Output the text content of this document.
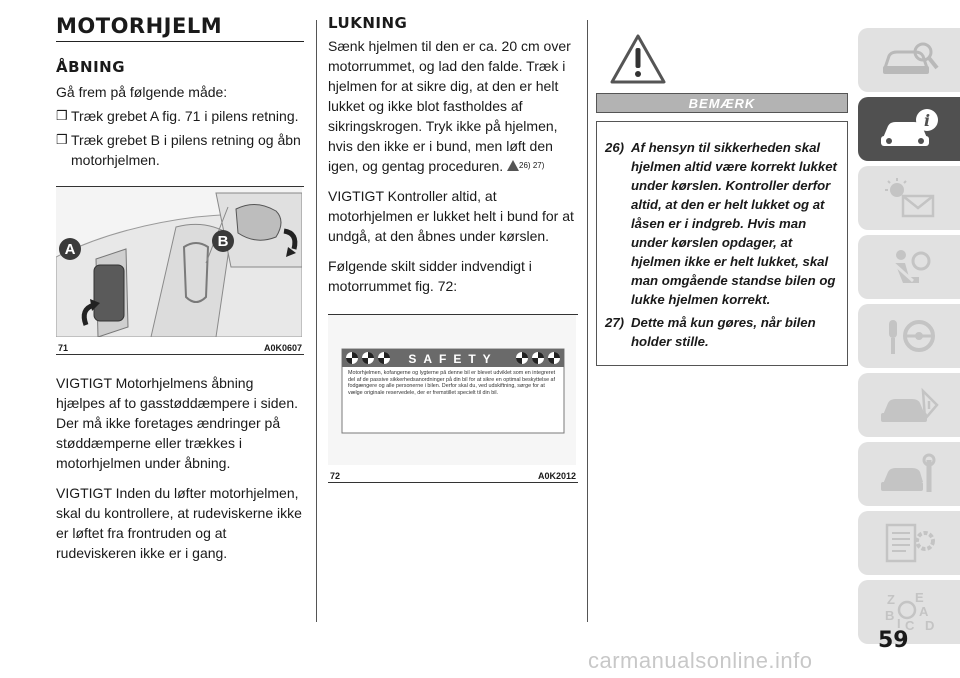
MOTORHJELM
ÅBNING

Gå frem på følgende måde:

❒ Træk grebet A fig. 71 i pilens retning.
❒ Træk grebet B i pilens retning og åbn motorhjelmen.
A	B
71	A0K0607

VIGTIGT Motorhjelmens åbning hjælpes af to gasstøddæmpere i siden. Der må ikke foretages ændringer på støddæmperne eller trækkes i motorhjelmen under åbning.

VIGTIGT Inden du løfter motorhjelmen, skal du kontrollere, at rudeviskerne ikke er løftet fra frontruden og at rudeviskeren ikke er i gang.

LUKNING

Sænk hjelmen til den er ca. 20 cm over motorrummet, og lad den falde. Træk i hjelmen for at sikre dig, at den er helt lukket og ikke blot fastholdes af sikringskrogen. Tryk ikke på hjelmen, hvis den ikke er i bund, men løft den igen, og gentag proceduren. $^{26) 27)}$

VIGTIGT Kontroller altid, at motorhjelmen er lukket helt i bund for at undgå, at den åbnes under kørslen.

Følgende skilt sidder indvendigt i motorrummet fig. 72:

SAFETY
Motorhjelmen, kofangerne og lygterne på denne bil er blevet udviklet som en integreret del af de passive sikkerhedsanordninger på din bil for at sikre en optimal beskyttelse af fodgængere og alle personerne i bilen. Derfor skal du, ved udskiftning, sørge for at vælge originale reservedele, der er fremstillet specielt til din bil.
72	A0K2012
BEMÆRK
26) Af hensyn til sikkerheden skal hjelmen altid være korrekt lukket under kørslen. Kontroller derfor altid, at den er helt lukket og at låsen er i indgreb. Hvis man under kørslen opdager, at hjelmen ikke er helt lukket, skal man omgående standse bilen og lukke hjelmen korrekt.
27) Dette må kun gøres, når bilen holder stille.
i
Z E
A
B
I C D
59
carmanualsonline.info
